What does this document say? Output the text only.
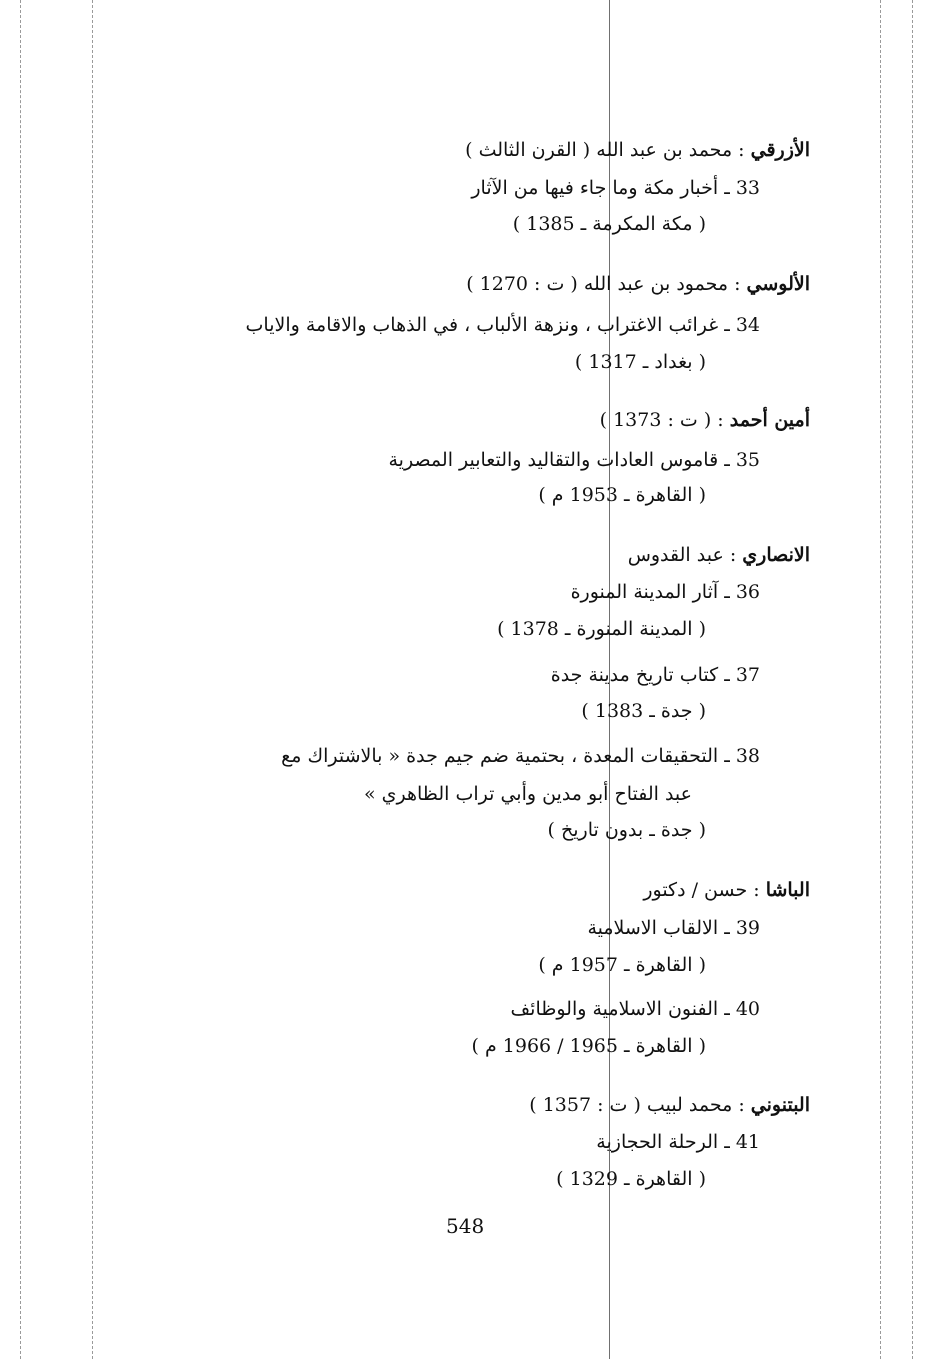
الأزرقي : محمد بن عبد الله ( القرن الثالث )
33 ـ أخبار مكة وما جاء فيها من الآثار
( مكة المكرمة ـ 1385 )
الألوسي : محمود بن عبد الله ( ت : 1270 )
34 ـ غرائب الاغتراب ، ونزهة الألباب ، في الذهاب والاقامة والاياب
( بغداد ـ 1317 )
أمين أحمد : ( ت : 1373 )
35 ـ قاموس العادات والتقاليد والتعابير المصرية
( القاهرة ـ 1953 م )
الانصاري : عبد القدوس
36 ـ آثار المدينة المنورة
( المدينة المنورة ـ 1378 )
37 ـ كتاب تاريخ مدينة جدة
( جدة ـ 1383 )
38 ـ التحقيقات المعدة ، بحتمية ضم جيم جدة « بالاشتراك مع
عبد الفتاح أبو مدين وأبي تراب الظاهري »
( جدة ـ بدون تاريخ )
الباشا : حسن / دكتور
39 ـ الالقاب الاسلامية
( القاهرة ـ 1957 م )
40 ـ الفنون الاسلامية والوظائف
( القاهرة ـ 1965 / 1966 م )
البتنوني : محمد لبيب ( ت : 1357 )
41 ـ الرحلة الحجازية
( القاهرة ـ 1329 )
548
